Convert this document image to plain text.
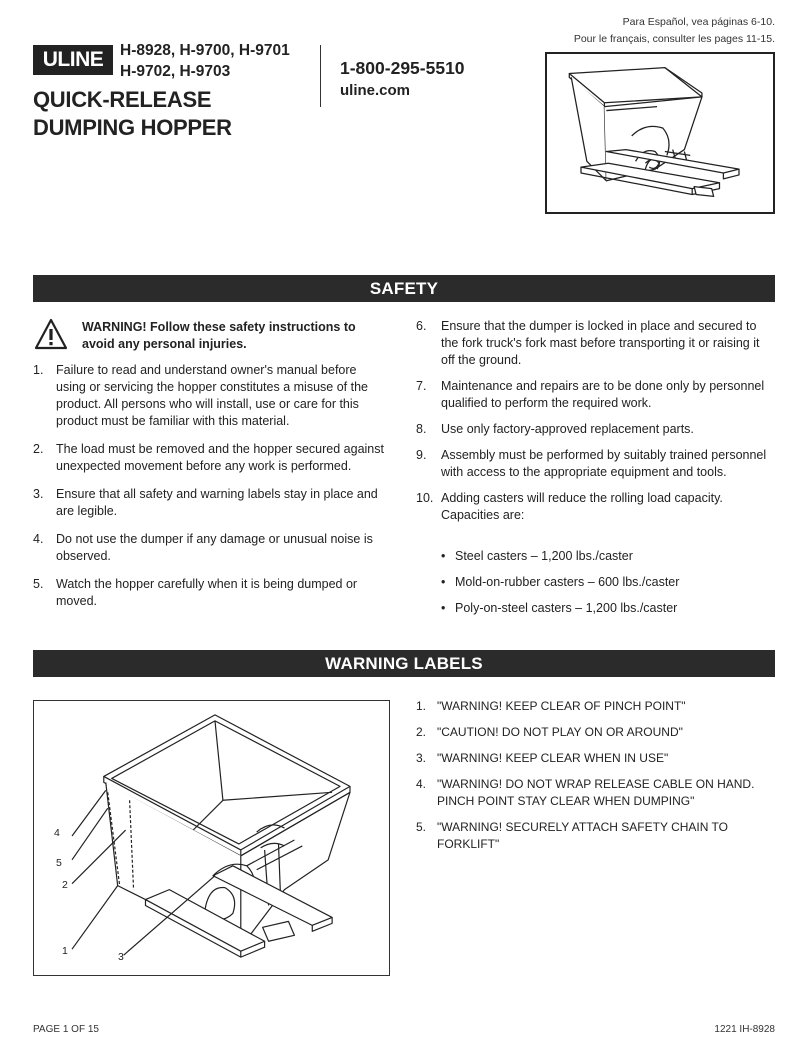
Para Español, vea páginas 6-10.
Pour le français, consulter les pages 11-15.
ULINE	H-8928, H-9700, H-9701
H-9702, H-9703
QUICK-RELEASE
DUMPING HOPPER
1-800-295-5510
uline.com
SAFETY
WARNING! Follow these safety instructions to avoid any personal injuries.
1.	Failure to read and understand owner's manual before using or servicing the hopper constitutes a misuse of the product. All persons who will install, use or care for this product must be familiar with this material.
2.	The load must be removed and the hopper secured against unexpected movement before any work is performed.
3.	Ensure that all safety and warning labels stay in place and are legible.
4.	Do not use the dumper if any damage or unusual noise is observed.
5.	Watch the hopper carefully when it is being dumped or moved.
6.	Ensure that the dumper is locked in place and secured to the fork truck's fork mast before transporting it or raising it off the ground.
7.	Maintenance and repairs are to be done only by personnel qualified to perform the required work.
8.	Use only factory-approved replacement parts.
9.	Assembly must be performed by suitably trained personnel with access to the appropriate equipment and tools.
10. Adding casters will reduce the rolling load capacity. Capacities are:
• Steel casters – 1,200 lbs./caster
• Mold-on-rubber casters – 600 lbs./caster
• Poly-on-steel casters – 1,200 lbs./caster
WARNING LABELS
4
5
2
1	3
1. "WARNING! KEEP CLEAR OF PINCH POINT"
2. "CAUTION! DO NOT PLAY ON OR AROUND"
3. "WARNING! KEEP CLEAR WHEN IN USE"
4. "WARNING! DO NOT WRAP RELEASE CABLE ON HAND. PINCH POINT STAY CLEAR WHEN DUMPING"
5. "WARNING! SECURELY ATTACH SAFETY CHAIN TO FORKLIFT"
PAGE 1 OF 15	1221 IH-8928
